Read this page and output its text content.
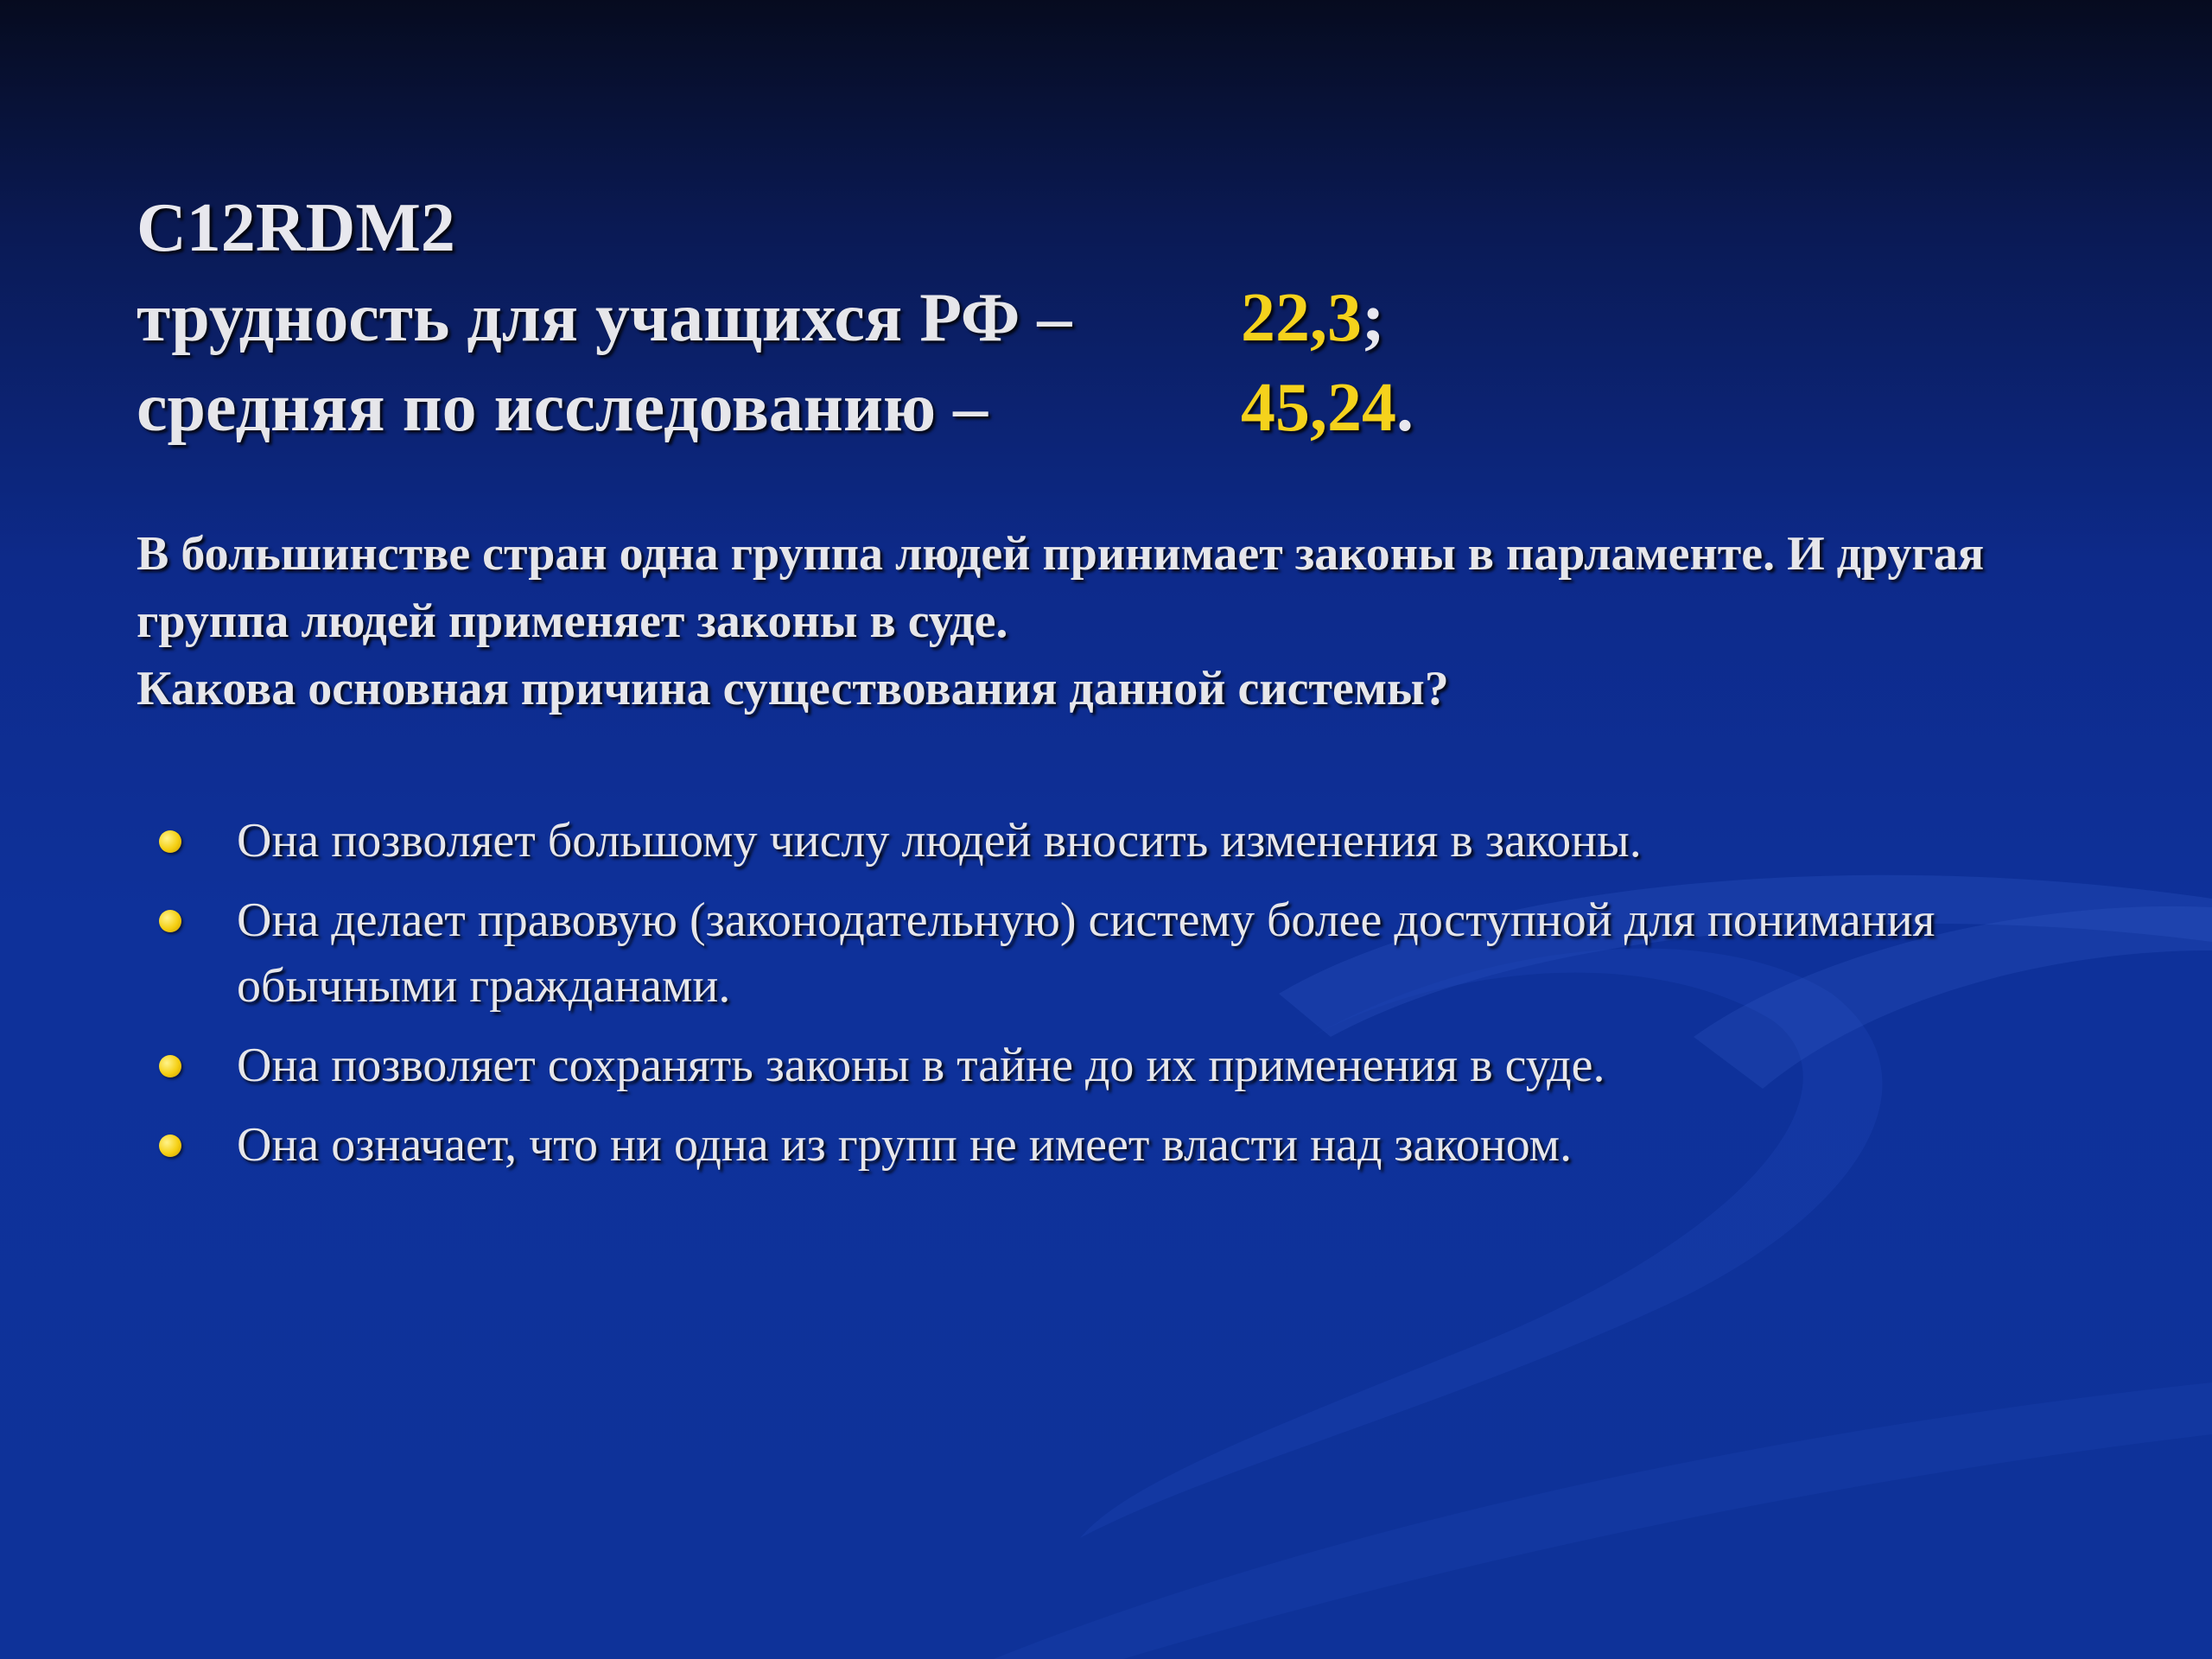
C12RDM2

трудность для учащихся РФ – 22,3;
средняя по исследованию –	45,24.

В большинстве стран одна группа людей принимает законы в парламенте. И другая группа людей применяет законы в суде.

Какова основная причина существования данной системы?

Она позволяет большому числу людей вносить изменения в законы.
Она делает правовую (законодательную) систему более доступной для понимания обычными гражданами.
Она позволяет сохранять законы в тайне до их применения в суде.
Она означает, что ни одна из групп не имеет власти над законом.
